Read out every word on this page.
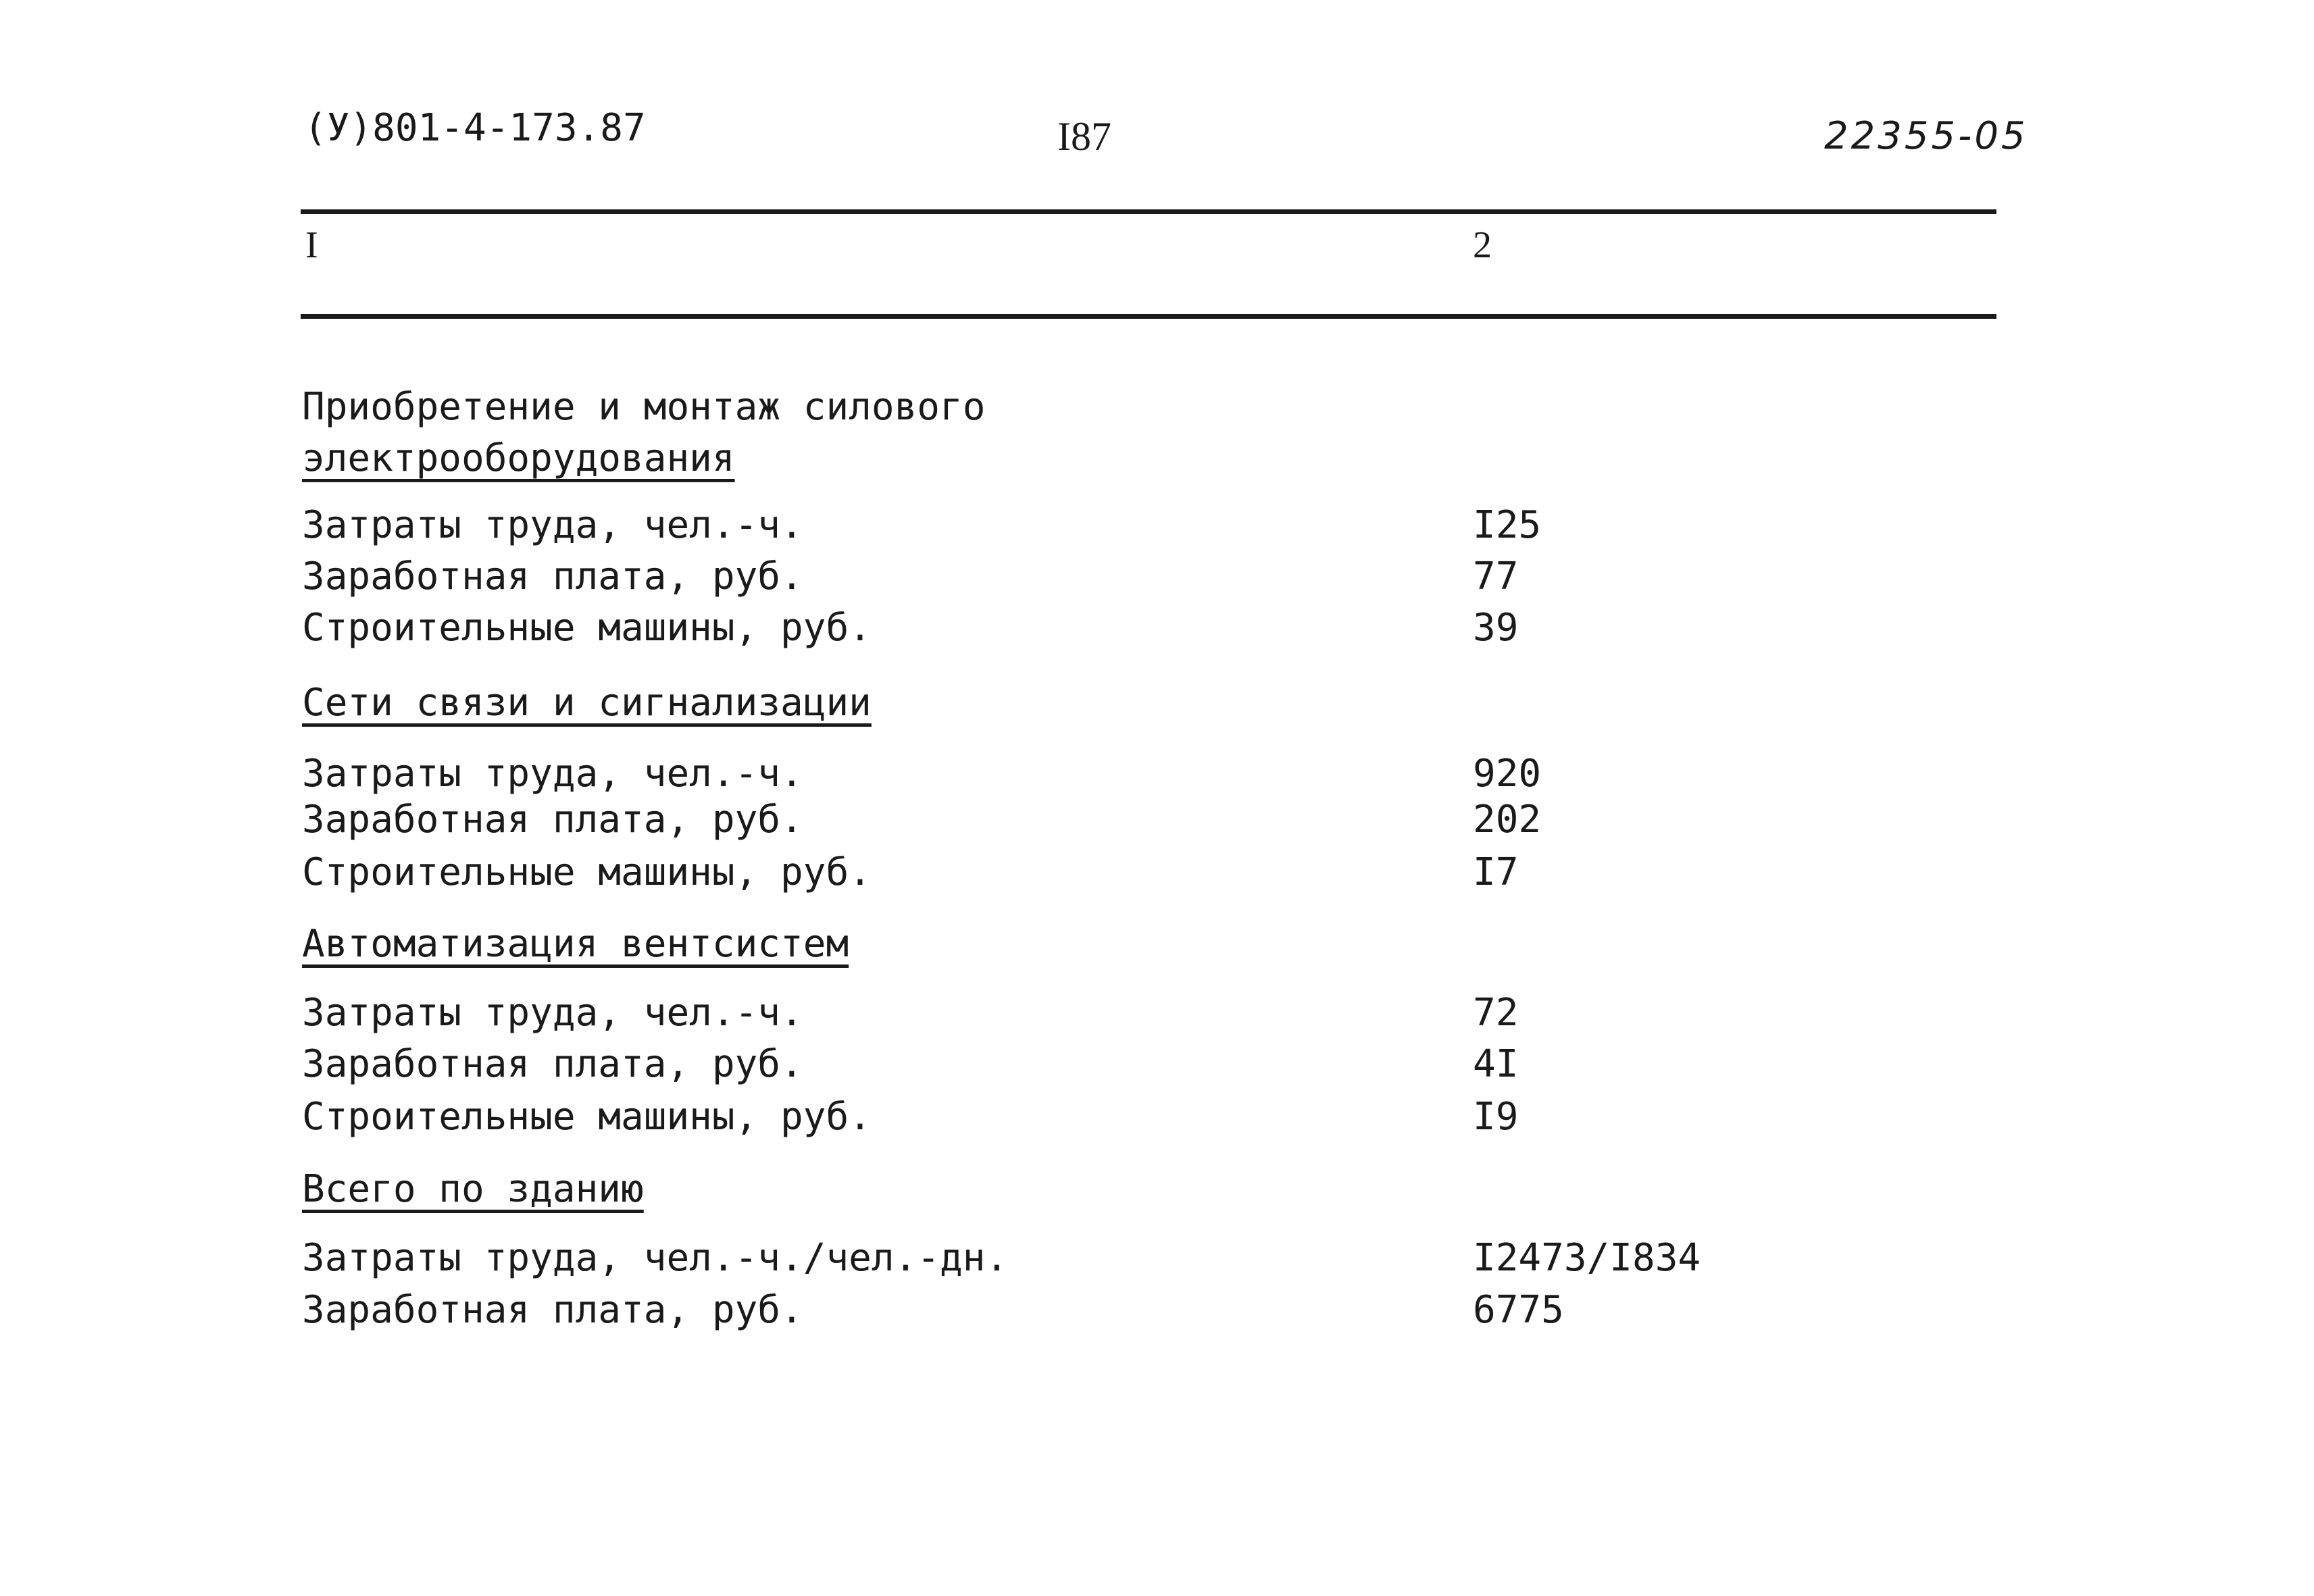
(У)801-4-173.87	I87	22355-05
I	2
Приобретение и монтаж силового
электрооборудования
Затраты труда, чел.-ч.	I25
Заработная плата, руб.	77
Строительные машины, руб.	39
Сети связи и сигнализации
Затраты труда, чел.-ч.	920
Заработная плата, руб.	202
Строительные машины, руб.	I7
Автоматизация вентсистем
Затраты труда, чел.-ч.	72
Заработная плата, руб.	4I
Строительные машины, руб.	I9
Всего по зданию
Затраты труда, чел.-ч./чел.-дн.	I2473/I834
Заработная плата, руб.	6775
